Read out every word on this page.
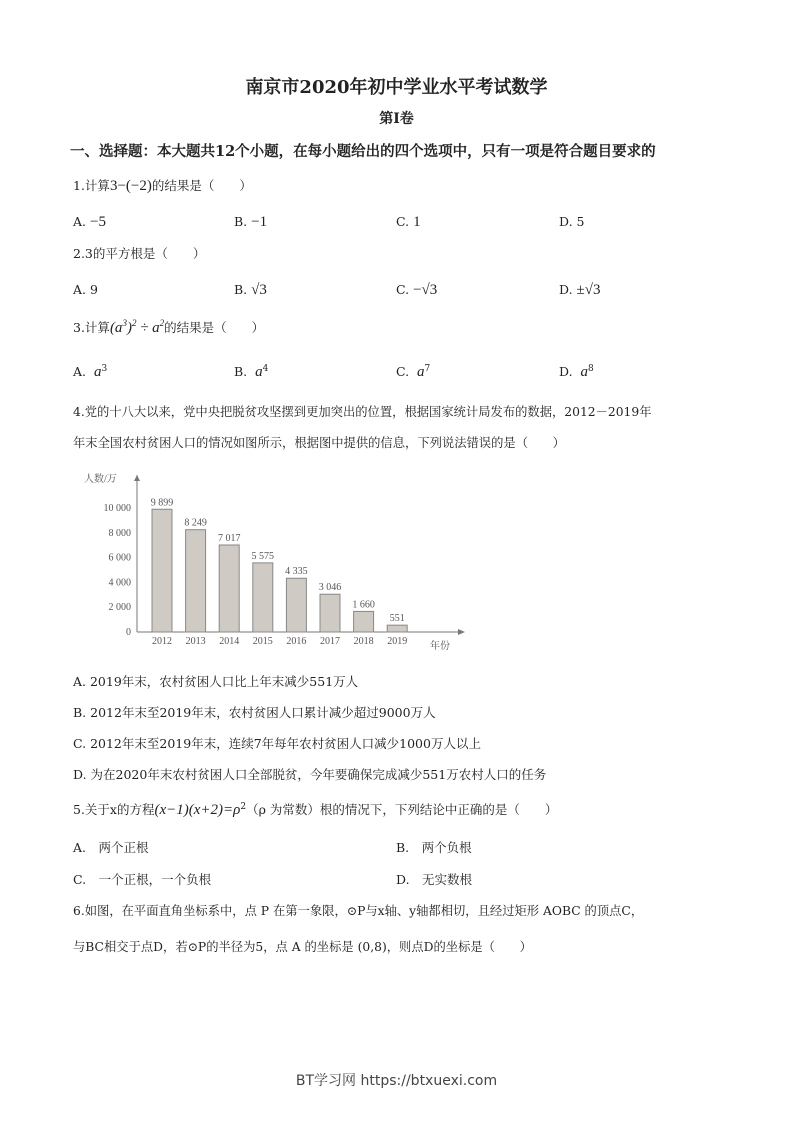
南京市2020年初中学业水平考试数学
第Ⅰ卷
一、选择题：本大题共12个小题，在每小题给出的四个选项中，只有一项是符合题目要求的
1.计算3−(−2)的结果是（　　）
A. −5	B. −1	C. 1	D. 5
2.3的平方根是（　　）
A. 9	B. √3	C. −√3	D. ±√3
3.计算$(a^3)^2 \div a^2$的结果是（　　）
A. $a^3$	B. $a^4$	C. $a^7$	D. $a^8$
4.党的十八大以来，党中央把脱贫攻坚摆到更加突出的位置，根据国家统计局发布的数据，2012－2019年
年末全国农村贫困人口的情况如图所示，根据图中提供的信息，下列说法错误的是（　　）
人数/万
年份
0
2 000
4 000
6 000
8 000
10 000
9 899
2012
8 249
2013
7 017
2014
5 575
2015
4 335
2016
3 046
2017
1 660
2018
551
2019
A. 2019年末，农村贫困人口比上年末减少551万人
B. 2012年末至2019年末，农村贫困人口累计减少超过9000万人
C. 2012年末至2019年末，连续7年每年农村贫困人口减少1000万人以上
D. 为在2020年末农村贫困人口全部脱贫，今年要确保完成减少551万农村人口的任务
5.关于x的方程$(x-1)(x+2)=\rho^2(\rho$ 为常数）根的情况下，下列结论中正确的是（　　）
A.　两个正根	B.　两个负根
C.　一个正根，一个负根	D.　无实数根
6.如图，在平面直角坐标系中，点 P 在第一象限，⊙P与x轴、y轴都相切，且经过矩形 AOBC 的顶点C，
与BC相交于点D，若⊙P的半径为5，点 A 的坐标是 (0,8)，则点D的坐标是（　　）
BT学习网 https://btxuexi.com
